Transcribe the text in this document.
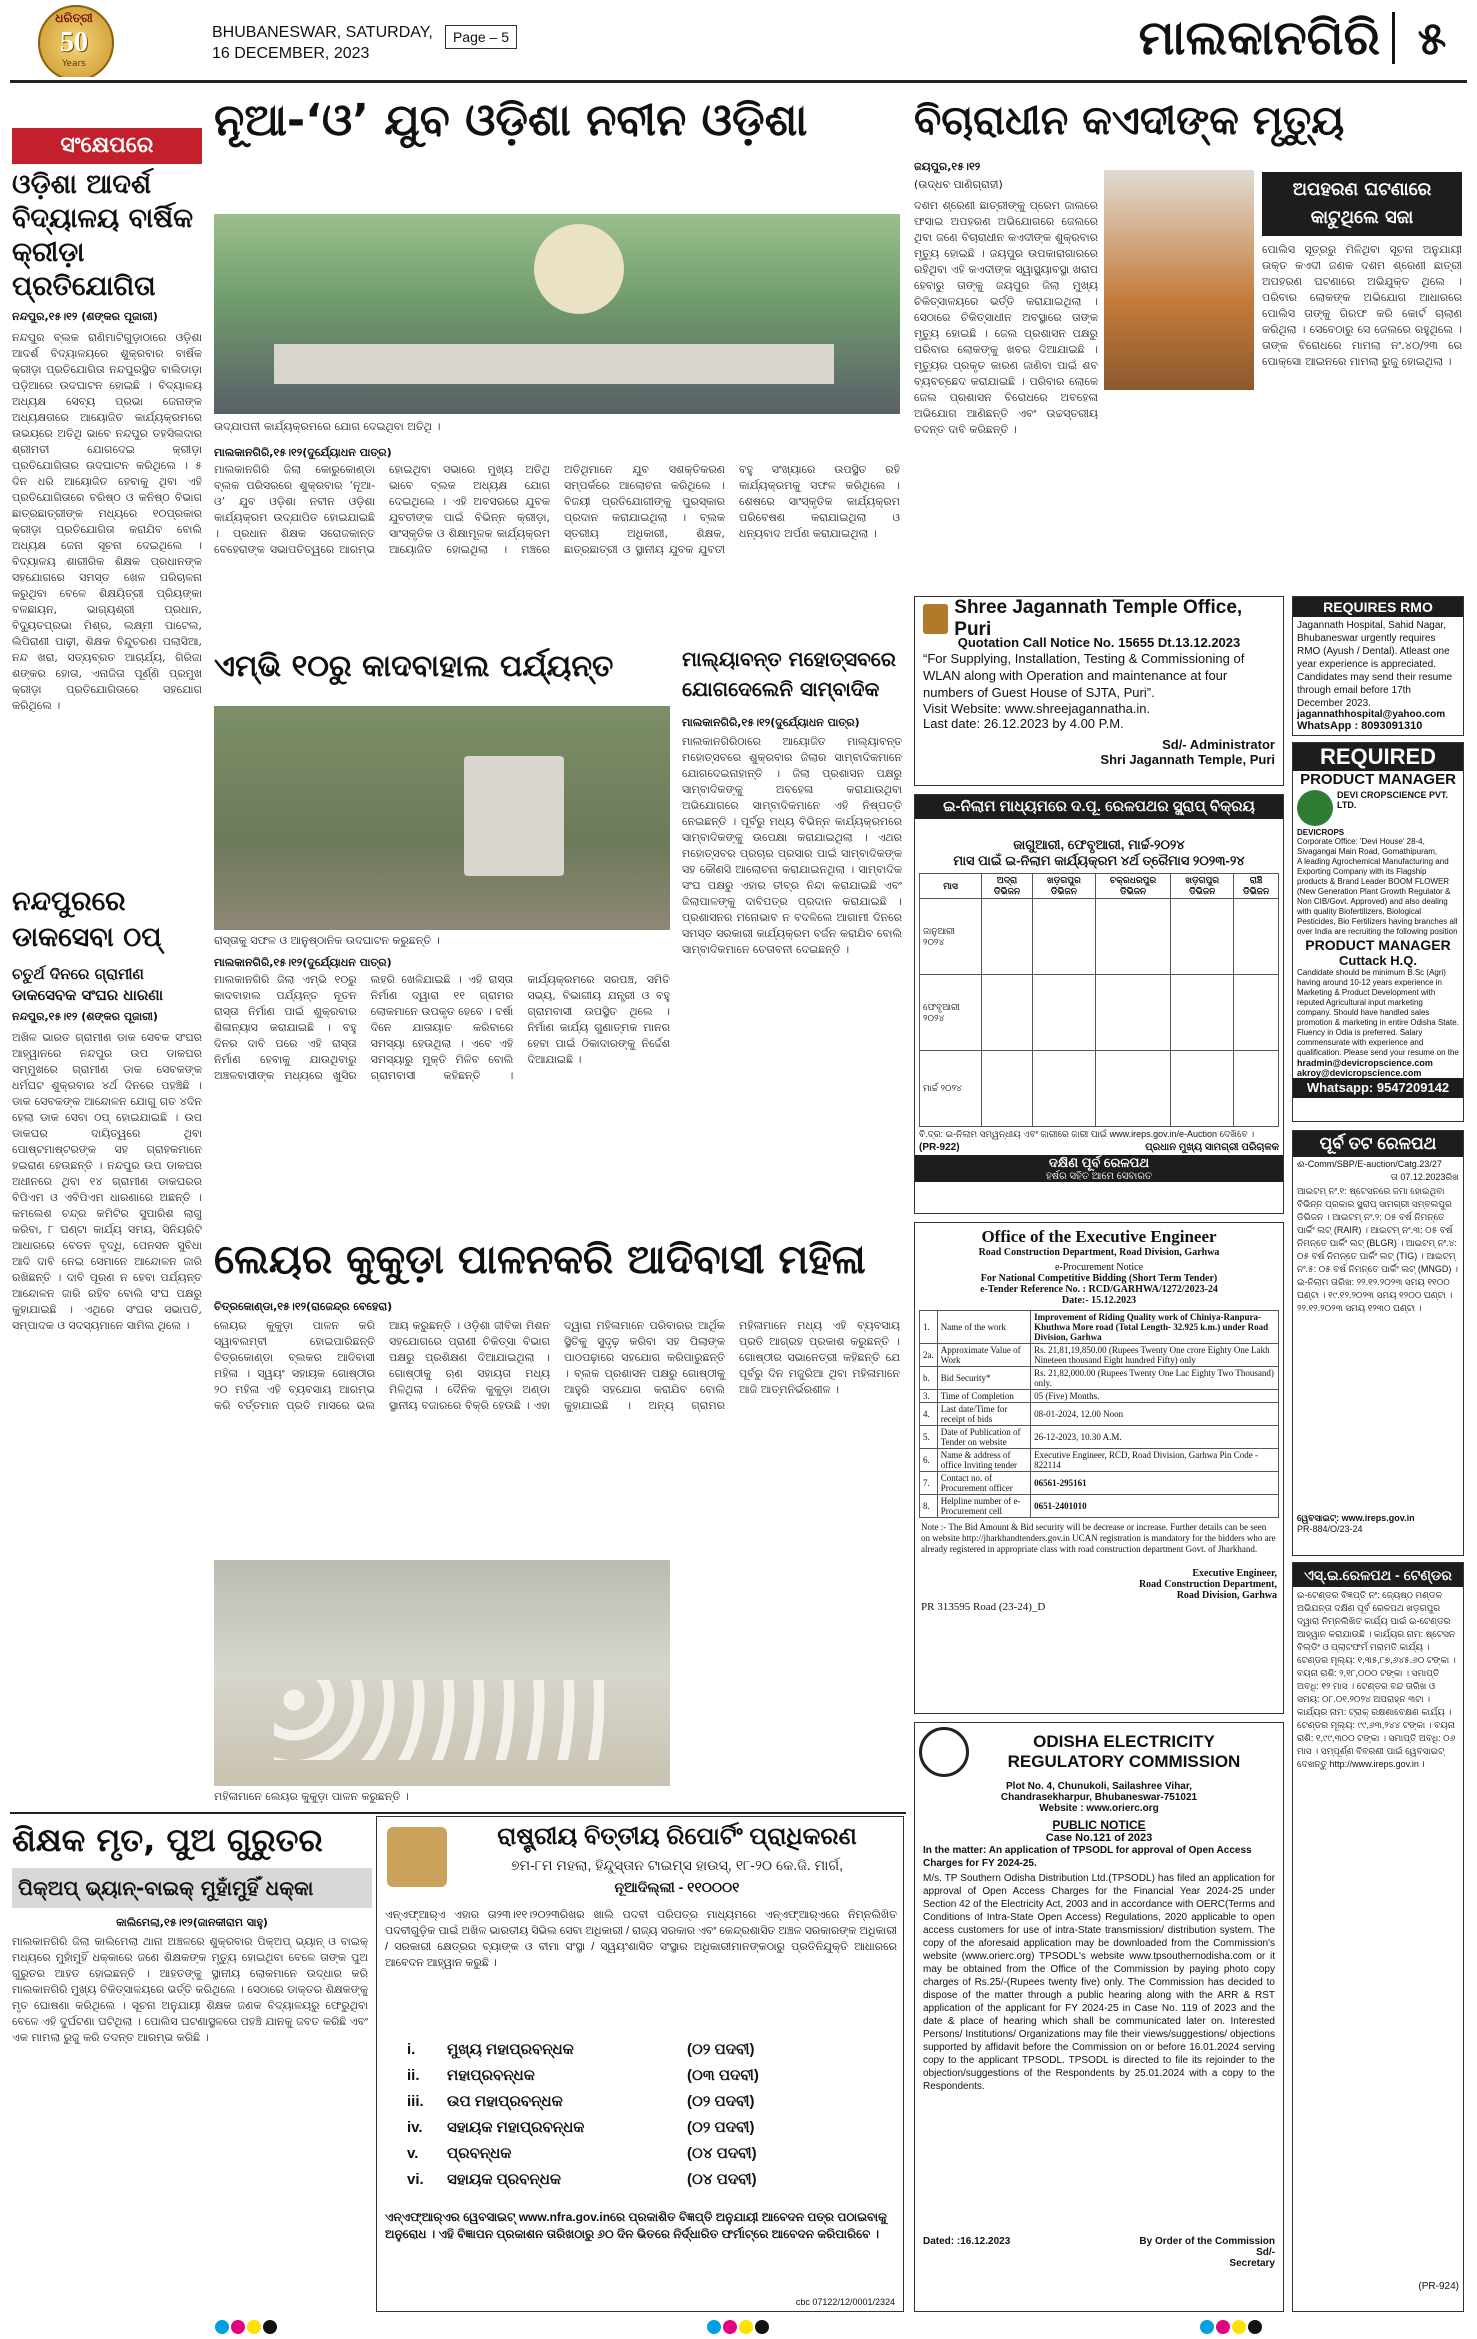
ଧରିତ୍ରୀ
50
Years
BHUBANESWAR, SATURDAY,
16 DECEMBER, 2023
Page – 5	ମାଲକାନଗିରି ୫
ସଂକ୍ଷେପରେ
ଓଡ଼ିଶା ଆଦର୍ଶ ବିଦ୍ୟାଳୟ ବାର୍ଷିକ କ୍ରୀଡ଼ା ପ୍ରତିଯୋଗିତା
ନନ୍ଦପୁର,୧୫।୧୨ (ଶଙ୍କର ପୂଜାରୀ)
ନନ୍ଦପୁର ବ୍ଲକ ରାଣିମାଟିଗୁଡ଼ାଠାରେ ଓଡ଼ିଶା ଆଦର୍ଶ ବିଦ୍ୟାଳୟରେ ଶୁକ୍ରବାର ବାର୍ଷିକ କ୍ରୀଡ଼ା ପ୍ରତିଯୋଗିତା ନନ୍ଦପୁରସ୍ଥିତ ବାଲିଡାଡ଼ା ପଡ଼ିଆରେ ଉଦଘାଟନ ହୋଇଛି । ବିଦ୍ୟାଳୟ ଅଧ୍ୟକ୍ଷ ସେବ୍ୟ ପ୍ରଭା ଜେନାଙ୍କ ଅଧ୍ୟକ୍ଷତାରେ ଆୟୋଜିତ କାର୍ଯ୍ୟକ୍ରମରେ ଉଭୟରେ ଅତିଥି ଭାବେ ନନ୍ଦପୁର ତହସିଲଦାର ଶ୍ରୀମତୀ ଯୋଗଦେଇ କ୍ରୀଡ଼ା ପ୍ରତିଯୋଗିତାର ଉଦଘାଟନ କରିଥିଲେ । ୫ ଦିନ ଧରି ଆୟୋଜିତ ହେବାକୁ ଥିବା ଏହି ପ୍ରତିଯୋଗିତାରେ ବରିଷ୍ଠ ଓ କନିଷ୍ଠ ବିଭାଗ ଛାତ୍ରଛାତ୍ରୀଙ୍କ ମଧ୍ୟରେ ୧୦ପ୍ରକାର କ୍ରୀଡ଼ା ପ୍ରତିଯୋଗିତା କରାଯିବ ବୋଲି ଅଧ୍ୟକ୍ଷ ଜେନା ସୂଚନା ଦେଇଥିଲେ । ବିଦ୍ୟାଳୟ ଶାରୀରିକ ଶିକ୍ଷକ ପ୍ରଧାନଙ୍କ ସହଯୋଗରେ ସମସ୍ତ ଖେଳ ପରିଚାଳନା କରୁଥିବା ବେଳେ ଶିକ୍ଷୟିତ୍ରୀ ପ୍ରିୟଙ୍କା ବଳଛାୟନ, ଭାଗ୍ୟଶ୍ରୀ ପ୍ରଧାନ, ବିଦ୍ୟୁତପ୍ରଭା ମିଶ୍ର, ଲକ୍ଷ୍ମୀ ପାଟେଲ, ଲିପିରାଣୀ ପାଢ଼ୀ, ଶିକ୍ଷକ ବିନ୍ଦୁଚରଣ ପଲାସିଆ, ନନ୍ଦ ଖରା, ସତ୍ୟବ୍ରତ ଆଚାର୍ଯ୍ୟ, ଗିରିଜା ଶଙ୍କର ହୋତା, ଏନାଜିତା ପୂର୍ଣ୍ଣି ପ୍ରମୁଖ କ୍ରୀଡ଼ା ପ୍ରତିଯୋଗିତାରେ ସହଯୋଗ କରିଥିଲେ ।
ନନ୍ଦପୁରରେ ଡାକସେବା ଠପ୍‌
ଚତୁର୍ଥ ଦିନରେ ଗ୍ରାମୀଣ ଡାକସେବକ ସଂଘର ଧାରଣା
ନନ୍ଦପୁର,୧୫।୧୨ (ଶଙ୍କର ପୂଜାରୀ)
ଅଖିଳ ଭାରତ ଗ୍ରାମୀଣ ଡାକ ସେବକ ସଂଘର ଆହ୍ୱାନରେ ନନ୍ଦପୁର ଉପ ଡାକଘର ସମ୍ମୁଖରେ ଗ୍ରାମୀଣ ଡାକ ସେବକଙ୍କ ଧର୍ମଘଟ ଶୁକ୍ରବାର ୪ର୍ଥ ଦିନରେ ପହଞ୍ଚିଛି । ଡାକ ସେବକଙ୍କ ଆନ୍ଦୋଳନ ଯୋଗୁ ଗତ ୪ଦିନ ହେଲା ଡାକ ସେବା ଠପ୍ ହୋଇଯାଇଛି । ଉପ ଡାକଘର ଦାୟିତ୍ୱରେ ଥିବା ପୋଷ୍ଟମାଷ୍ଟରଙ୍କ ସହ ଗ୍ରାହକମାନେ ହଇରାଣ ହେଉଛନ୍ତି । ନନ୍ଦପୁର ଉପ ଡାକଘର ଅଧୀନରେ ଥିବା ୧୪ ଗ୍ରାମୀଣ ଡାକଘରର ବିପିଏମ ଓ ଏବିପିଏମ ଧାରଣାରେ ଅଛନ୍ତି । କମଲେଶ ଚନ୍ଦ୍ର କମିଟିର ସୁପାରିଶ ଲାଗୁ କରିବା, ୮ ଘଣ୍ଟା କାର୍ଯ୍ୟ ସମୟ, ସିନିୟରିଟି ଆଧାରରେ ବେତନ ବୃଦ୍ଧି, ପେନସନ ସୁବିଧା ଆଦି ଦାବି ନେଇ ସେମାନେ ଆନ୍ଦୋଳନ ଜାରି ରଖିଛନ୍ତି । ଦାବି ପୂରଣ ନ ହେବା ପର୍ଯ୍ୟନ୍ତ ଆନ୍ଦୋଳନ ଜାରି ରହିବ ବୋଲି ସଂଘ ପକ୍ଷରୁ କୁହାଯାଇଛି । ଏଥିରେ ସଂଘର ସଭାପତି, ସମ୍ପାଦକ ଓ ସଦସ୍ୟମାନେ ସାମିଲ ଥିଲେ ।
ନୂଆ-‘ଓ’ ଯୁବ ଓଡ଼ିଶା ନବୀନ ଓଡ଼ିଶା
ଉଦ୍‌ଯାପନୀ କାର୍ଯ୍ୟକ୍ରମରେ ଯୋଗ ଦେଇଥିବା ଅତିଥି ।
ମାଲକାନଗିରି,୧୫।୧୨(ଦୁର୍ଯ୍ୟୋଧନ ପାତ୍ର)
ମାଲକାନଗିରି ଜିଲା କୋରୁକୋଣ୍ଡା ବ୍ଲକ ପରିସରରେ ଶୁକ୍ରବାର ‘ନୂଆ-ଓ’ ଯୁବ ଓଡ଼ିଶା ନବୀନ ଓଡ଼ିଶା କାର୍ଯ୍ୟକ୍ରମ ଉଦ୍‌ଯାପିତ ହୋଇଯାଇଛି । ପ୍ରଧାନ ଶିକ୍ଷକ ସରୋଜକାନ୍ତ ବେହେରାଙ୍କ ସଭାପତିତ୍ୱରେ ଆରମ୍ଭ ହୋଇଥିବା ସଭାରେ ମୁଖ୍ୟ ଅତିଥି ଭାବେ ବ୍ଲକ ଅଧ୍ୟକ୍ଷ ଯୋଗ ଦେଇଥିଲେ । ଏହି ଅବସରରେ ଯୁବକ ଯୁବତୀଙ୍କ ପାଇଁ ବିଭିନ୍ନ କ୍ରୀଡ଼ା, ସାଂସ୍କୃତିକ ଓ ଶିକ୍ଷାମୂଳକ କାର୍ଯ୍ୟକ୍ରମ ଆୟୋଜିତ ହୋଇଥିଲା । ମଞ୍ଚରେ ଅତିଥିମାନେ ଯୁବ ସଶକ୍ତିକରଣ ସମ୍ପର୍କରେ ଆଲୋଚନା କରିଥିଲେ । ବିଜୟୀ ପ୍ରତିଯୋଗୀଙ୍କୁ ପୁରସ୍କାର ପ୍ରଦାନ କରାଯାଇଥିଲା । ବ୍ଲକ ସ୍ତରୀୟ ଅଧିକାରୀ, ଶିକ୍ଷକ, ଛାତ୍ରଛାତ୍ରୀ ଓ ସ୍ଥାନୀୟ ଯୁବକ ଯୁବତୀ ବହୁ ସଂଖ୍ୟାରେ ଉପସ୍ଥିତ ରହି କାର୍ଯ୍ୟକ୍ରମକୁ ସଫଳ କରିଥିଲେ । ଶେଷରେ ସାଂସ୍କୃତିକ କାର୍ଯ୍ୟକ୍ରମ ପରିବେଷଣ କରାଯାଇଥିଲା ଓ ଧନ୍ୟବାଦ ଅର୍ପଣ କରାଯାଇଥିଲା ।
ଏମ୍‌ଭି ୧୦ରୁ କାଦବାହାଲ ପର୍ଯ୍ୟନ୍ତ
ରାସ୍ତାକୁ ସଫଳ ଓ ଆନୁଷ୍ଠାନିକ ଉଦଘାଟନ କରୁଛନ୍ତି ।
ମାଲକାନଗିରି,୧୫।୧୨(ଦୁର୍ଯ୍ୟୋଧନ ପାତ୍ର)
ମାଲକାନଗିରି ଜିଲା ଏମ୍‌ଭି ୧୦ରୁ କାଦବାହାଲ ପର୍ଯ୍ୟନ୍ତ ନୂତନ ରାସ୍ତା ନିର୍ମାଣ ପାଇଁ ଶୁକ୍ରବାର ଶିଳାନ୍ୟାସ କରାଯାଇଛି । ବହୁ ଦିନର ଦାବି ପରେ ଏହି ରାସ୍ତା ନିର୍ମାଣ ହେବାକୁ ଯାଉଥିବାରୁ ଅଞ୍ଚଳବାସୀଙ୍କ ମଧ୍ୟରେ ଖୁସିର ଲହରି ଖେଳିଯାଇଛି । ଏହି ରାସ୍ତା ନିର୍ମାଣ ଦ୍ୱାରା ୧୧ ଗ୍ରାମର ଲୋକମାନେ ଉପକୃତ ହେବେ । ବର୍ଷା ଦିନେ ଯାତାୟାତ କରିବାରେ ସମସ୍ୟା ହେଉଥିଲା । ଏବେ ଏହି ସମସ୍ୟାରୁ ମୁକ୍ତି ମିଳିବ ବୋଲି ଗ୍ରାମବାସୀ କହିଛନ୍ତି । କାର୍ଯ୍ୟକ୍ରମରେ ସରପଞ୍ଚ, ସମିତି ସଭ୍ୟ, ବିଭାଗୀୟ ଯନ୍ତ୍ରୀ ଓ ବହୁ ଗ୍ରାମବାସୀ ଉପସ୍ଥିତ ଥିଲେ । ନିର୍ମାଣ କାର୍ଯ୍ୟ ଗୁଣାତ୍ମକ ମାନର ହେବା ପାଇଁ ଠିକାଦାରଙ୍କୁ ନିର୍ଦ୍ଦେଶ ଦିଆଯାଇଛି ।
ମାଲ୍ୟାବନ୍ତ ମହୋତ୍ସବରେ ଯୋଗଦେଲେନି ସାମ୍ବାଦିକ
ମାଲକାନଗିରି,୧୫।୧୨(ଦୁର୍ଯ୍ୟୋଧନ ପାତ୍ର)
ମାଲକାନଗିରିଠାରେ ଆୟୋଜିତ ମାଲ୍ୟାବନ୍ତ ମହୋତ୍ସବରେ ଶୁକ୍ରବାର ଜିଲାର ସାମ୍ବାଦିକମାନେ ଯୋଗଦେଇନାହାନ୍ତି । ଜିଲା ପ୍ରଶାସନ ପକ୍ଷରୁ ସାମ୍ବାଦିକଙ୍କୁ ଅବହେଳା କରାଯାଉଥିବା ଅଭିଯୋଗରେ ସାମ୍ବାଦିକମାନେ ଏହି ନିଷ୍ପତ୍ତି ନେଇଛନ୍ତି । ପୂର୍ବରୁ ମଧ୍ୟ ବିଭିନ୍ନ କାର୍ଯ୍ୟକ୍ରମରେ ସାମ୍ବାଦିକଙ୍କୁ ଉପେକ୍ଷା କରାଯାଇଥିଲା । ଏଥର ମହୋତ୍ସବର ପ୍ରଚାର ପ୍ରସାର ପାଇଁ ସାମ୍ବାଦିକଙ୍କ ସହ କୌଣସି ଆଲୋଚନା କରାଯାଇନଥିଲା । ସାମ୍ବାଦିକ ସଂଘ ପକ୍ଷରୁ ଏହାର ତୀବ୍ର ନିନ୍ଦା କରାଯାଇଛି ଏବଂ ଜିଲାପାଳଙ୍କୁ ଦାବିପତ୍ର ପ୍ରଦାନ କରାଯାଇଛି । ପ୍ରଶାସନର ମନୋଭାବ ନ ବଦଳିଲେ ଆଗାମୀ ଦିନରେ ସମସ୍ତ ସରକାରୀ କାର୍ଯ୍ୟକ୍ରମ ବର୍ଜନ କରାଯିବ ବୋଲି ସାମ୍ବାଦିକମାନେ ଚେତାବନୀ ଦେଇଛନ୍ତି ।
ଲେୟର କୁକୁଡ଼ା ପାଳନକରି ଆଦିବାସୀ ମହିଳା
ଚିତ୍ରକୋଣ୍ଡା,୧୫।୧୨(ରାଜେନ୍ଦ୍ର ବେହେରା)
ଲେୟର କୁକୁଡ଼ା ପାଳନ କରି ସ୍ୱାବଲମ୍ବୀ ହୋଇପାରିଛନ୍ତି ଚିତ୍ରକୋଣ୍ଡା ବ୍ଲକର ଆଦିବାସୀ ମହିଳା । ସ୍ୱୟଂ ସହାୟକ ଗୋଷ୍ଠୀର ୨୦ ମହିଳା ଏହି ବ୍ୟବସାୟ ଆରମ୍ଭ କରି ବର୍ତ୍ତମାନ ପ୍ରତି ମାସରେ ଭଲ ଆୟ କରୁଛନ୍ତି । ଓଡ଼ିଶା ଜୀବିକା ମିଶନ ସହଯୋଗରେ ପ୍ରାଣୀ ଚିକିତ୍ସା ବିଭାଗ ପକ୍ଷରୁ ପ୍ରଶିକ୍ଷଣ ଦିଆଯାଇଥିଲା । ଗୋଷ୍ଠୀକୁ ଋଣ ସହାୟତା ମଧ୍ୟ ମିଳିଥିଲା । ଦୈନିକ କୁକୁଡ଼ା ଅଣ୍ଡା ସ୍ଥାନୀୟ ବଜାରରେ ବିକ୍ରି ହେଉଛି । ଏହା ଦ୍ୱାରା ମହିଳାମାନେ ପରିବାରର ଆର୍ଥିକ ସ୍ଥିତିକୁ ସୁଦୃଢ଼ କରିବା ସହ ପିଲାଙ୍କ ପାଠପଢ଼ାରେ ସହଯୋଗ କରିପାରୁଛନ୍ତି । ବ୍ଲକ ପ୍ରଶାସନ ପକ୍ଷରୁ ଗୋଷ୍ଠୀକୁ ଆହୁରି ସହଯୋଗ କରାଯିବ ବୋଲି କୁହାଯାଇଛି । ଅନ୍ୟ ଗ୍ରାମର ମହିଳାମାନେ ମଧ୍ୟ ଏହି ବ୍ୟବସାୟ ପ୍ରତି ଆଗ୍ରହ ପ୍ରକାଶ କରୁଛନ୍ତି । ଗୋଷ୍ଠୀର ସଭାନେତ୍ରୀ କହିଛନ୍ତି ଯେ ପୂର୍ବରୁ ଦିନ ମଜୁରିଆ ଥିବା ମହିଳାମାନେ ଆଜି ଆତ୍ମନିର୍ଭରଶୀଳ ।
ମହିଳାମାନେ ଲେୟର କୁକୁଡ଼ା ପାଳନ କରୁଛନ୍ତି ।
ଶିକ୍ଷକ ମୃତ, ପୁଅ ଗୁରୁତର
ପିକ୍‌ଅପ୍ ଭ୍ୟାନ୍-ବାଇକ୍ ମୁହାଁମୁହିଁ ଧକ୍କା
କାଲିମେଲା,୧୫।୧୨(ଜାନକୀରାମ ସାହୁ)
ମାଲକାନଗିରି ଜିଲା କାଲିମେଲା ଥାନା ଅଞ୍ଚଳରେ ଶୁକ୍ରବାର ପିକ୍‌ଅପ୍ ଭ୍ୟାନ୍ ଓ ବାଇକ୍ ମଧ୍ୟରେ ମୁହାଁମୁହିଁ ଧକ୍କାରେ ଜଣେ ଶିକ୍ଷକଙ୍କ ମୃତ୍ୟୁ ହୋଇଥିବା ବେଳେ ତାଙ୍କ ପୁଅ ଗୁରୁତର ଆହତ ହୋଇଛନ୍ତି । ଆହତଙ୍କୁ ସ୍ଥାନୀୟ ଲୋକମାନେ ଉଦ୍ଧାର କରି ମାଲକାନଗିରି ମୁଖ୍ୟ ଚିକିତ୍ସାଳୟରେ ଭର୍ତ୍ତି କରିଥିଲେ । ସେଠାରେ ଡାକ୍ତର ଶିକ୍ଷକଙ୍କୁ ମୃତ ଘୋଷଣା କରିଥିଲେ । ସୂଚନା ଅନୁଯାୟୀ ଶିକ୍ଷକ ଜଣକ ବିଦ୍ୟାଳୟରୁ ଫେରୁଥିବା ବେଳେ ଏହି ଦୁର୍ଘଟଣା ଘଟିଥିଲା । ପୋଲିସ ଘଟଣାସ୍ଥଳରେ ପହଞ୍ଚି ଯାନକୁ ଜବତ କରିଛି ଏବଂ ଏକ ମାମଲା ରୁଜୁ କରି ତଦନ୍ତ ଆରମ୍ଭ କରିଛି ।
ରାଷ୍ଟ୍ରୀୟ ବିତ୍ତୀୟ ରିପୋର୍ଟିଂ ପ୍ରାଧିକରଣ
୭ମ-୮ମ ମହଲା, ହିନ୍ଦୁସ୍ତାନ ଟାଇମ୍ସ ହାଉସ୍, ୧୮-୨୦ କେ.ଜି. ମାର୍ଗ,
ନୂଆଦିଲ୍ଲୀ - ୧୧୦୦୦୧
ଏନ୍‌ଏଫ୍‌ଆର୍‌ଏ ଏହାର ତା୨୩।୧୧।୨୦୨୩ରିଖର ଖାଲି ପଦବୀ ପରିପତ୍ର ମାଧ୍ୟମରେ ଏନ୍‌ଏଫ୍‌ଆର୍‌ଏରେ ନିମ୍ନଲିଖିତ ପଦବୀଗୁଡ଼ିକ ପାଇଁ ଅଖିଳ ଭାରତୀୟ ସିଭିଲ ସେବା ଅଧିକାରୀ / ରାଜ୍ୟ ସରକାର ଏବଂ କେନ୍ଦ୍ରଶାସିତ ଅଞ୍ଚଳ ସରକାରଙ୍କ ଅଧିକାରୀ / ସରକାରୀ କ୍ଷେତ୍ରର ବ୍ୟାଙ୍କ ଓ ବୀମା ସଂସ୍ଥା / ସ୍ୱୟଂଶାସିତ ସଂସ୍ଥାର ଅଧିକାରୀମାନଙ୍କଠାରୁ ପ୍ରତିନିଯୁକ୍ତି ଆଧାରରେ ଆବେଦନ ଆହ୍ୱାନ କରୁଛି ।
i.	ମୁଖ୍ୟ ମହାପ୍ରବନ୍ଧକ	(୦୨ ପଦବୀ)
ii.	ମହାପ୍ରବନ୍ଧକ	(୦୩ ପଦବୀ)
iii.	ଉପ ମହାପ୍ରବନ୍ଧକ	(୦୨ ପଦବୀ)
iv.	ସହାୟକ ମହାପ୍ରବନ୍ଧକ	(୦୨ ପଦବୀ)
v.	ପ୍ରବନ୍ଧକ	(୦୪ ପଦବୀ)
vi.	ସହାୟକ ପ୍ରବନ୍ଧକ	(୦୪ ପଦବୀ)
ଏନ୍‌ଏଫ୍‌ଆର୍‌ଏର ୱେବସାଇଟ୍ www.nfra.gov.inରେ ପ୍ରକାଶିତ ବିଜ୍ଞପ୍ତି ଅନୁଯାୟୀ ଆବେଦନ ପତ୍ର ପଠାଇବାକୁ ଅନୁରୋଧ । ଏହି ବିଜ୍ଞାପନ ପ୍ରକାଶନ ତାରିଖଠାରୁ ୬୦ ଦିନ ଭିତରେ ନିର୍ଦ୍ଧାରିତ ଫର୍ମାଟ୍‌ରେ ଆବେଦନ କରିପାରିବେ ।
cbc 07122/12/0001/2324
ବିଚାରାଧୀନ କଏଦୀଙ୍କ ମୃତ୍ୟୁ
ଜୟପୁର,୧୫।୧୨
(ଉଦ୍ଧବ ପାଣିଗ୍ରାହୀ)
ଦଶମ ଶ୍ରେଣୀ ଛାତ୍ରୀଙ୍କୁ ପ୍ରେମ ଜାଲରେ ଫସାଇ ଅପହରଣ ଅଭିଯୋଗରେ ଜେଲରେ ଥିବା ଜଣେ ବିଚାରାଧୀନ କଏଦୀଙ୍କ ଶୁକ୍ରବାର ମୃତ୍ୟୁ ହୋଇଛି । ଜୟପୁର ଉପକାରାଗାରରେ ରହିଥିବା ଏହି କଏଦୀଙ୍କ ସ୍ୱାସ୍ଥ୍ୟାବସ୍ଥା ଖରାପ ହେବାରୁ ତାଙ୍କୁ ଜୟପୁର ଜିଲା ମୁଖ୍ୟ ଚିକିତ୍ସାଳୟରେ ଭର୍ତ୍ତି କରାଯାଇଥିଲା । ସେଠାରେ ଚିକିତ୍ସାଧୀନ ଅବସ୍ଥାରେ ତାଙ୍କ ମୃତ୍ୟୁ ହୋଇଛି । ଜେଲ ପ୍ରଶାସନ ପକ୍ଷରୁ ପରିବାର ଲୋକଙ୍କୁ ଖବର ଦିଆଯାଇଛି । ମୃତ୍ୟୁର ପ୍ରକୃତ କାରଣ ଜାଣିବା ପାଇଁ ଶବ ବ୍ୟବଚ୍ଛେଦ କରାଯାଇଛି । ପରିବାର ଲୋକେ ଜେଲ ପ୍ରଶାସନ ବିରୋଧରେ ଅବହେଳା ଅଭିଯୋଗ ଆଣିଛନ୍ତି ଏବଂ ଉଚ୍ଚସ୍ତରୀୟ ତଦନ୍ତ ଦାବି କରିଛନ୍ତି ।
ଅପହରଣ ଘଟଣାରେ କାଟୁଥିଲେ ସଜା
ପୋଲିସ ସୂତ୍ରରୁ ମିଳିଥିବା ସୂଚନା ଅନୁଯାୟୀ ଉକ୍ତ କଏଦୀ ଜଣକ ଦଶମ ଶ୍ରେଣୀ ଛାତ୍ରୀ ଅପହରଣ ଘଟଣାରେ ଅଭିଯୁକ୍ତ ଥିଲେ । ପରିବାର ଲୋକଙ୍କ ଅଭିଯୋଗ ଆଧାରରେ ପୋଲିସ ତାଙ୍କୁ ଗିରଫ କରି କୋର୍ଟ ଚାଲାଣ କରିଥିଲା । ସେବେଠାରୁ ସେ ଜେଲରେ ରହୁଥିଲେ । ତାଙ୍କ ବିରୋଧରେ ମାମଲା ନଂ.୪୦/୨୩ ରେ ପୋକ୍ସୋ ଆଇନରେ ମାମଲା ରୁଜୁ ହୋଇଥିଲା ।
Shree Jagannath Temple Office, Puri
Quotation Call Notice No. 15655 Dt.13.12.2023
“For Supplying, Installation, Testing & Commissioning of WLAN along with Operation and maintenance at four numbers of Guest House of SJTA, Puri”.
Visit Website: www.shreejagannatha.in.
Last date: 26.12.2023 by 4.00 P.M.
Sd/- Administrator
Shri Jagannath Temple, Puri
REQUIRES RMO
Jagannath Hospital, Sahid Nagar, Bhubaneswar urgently requires RMO (Ayush / Dental). Atleast one year experience is appreciated. Candidates may send their resume through email before 17th December 2023.
jagannathhospital@yahoo.com
WhatsApp : 8093091310
REQUIRED
PRODUCT MANAGER
DEVI CROPSCIENCE PVT. LTD.
DEVICROPS
Corporate Office: 'Devi House' 28-4, Sivagangai Main Road, Gomathipuram,
A leading Agrochemical Manufacturing and Exporting Company with its Flagship products & Brand Leader BOOM FLOWER (New Generation Plant Growth Regulator & Non CIB/Govt. Approved) and also dealing with quality Biofertilizers, Biological Pesticides, Bio Fertilizers having branches all over India are recruiting the following position
PRODUCT MANAGER
Cuttack H.Q.
Candidate should be minimum B.Sc (Agri) having around 10-12 years experience in Marketing & Product Development with reputed Agricultural input marketing company. Should have handled sales promotion & marketing in entire Odisha State. Fluency in Odia is preferred. Salary commensurate with experience and qualification. Please send your resume on the
hradmin@devicropscience.com
akroy@devicropscience.com
Whatsapp: 9547209142
ଇ-ନିଲାମ ମାଧ୍ୟମରେ ଦ.ପୂ. ରେଳପଥର ସ୍କ୍ରାପ୍ ବିକ୍ରୟ
ଜାଗୁଆରୀ, ଫେବୃଆରୀ, ମାର୍ଚ୍ଚ-୨୦୨୪
ମାସ ପାଇଁ ଇ-ନିଲାମ କାର୍ଯ୍ୟକ୍ରମ ୪ର୍ଥ ତ୍ରୈମାସ ୨୦୨୩-୨୪
ମାସ	ଅଦ୍ରା ଡିଭିଜନ	ଖଡ଼ଗପୁର ଡିଭିଜନ	ଚକ୍ରଧରପୁର ଡିଭିଜନ	ଖଡ଼ଗପୁର ଡିଭିଜନ	ରାଞ୍ଚି ଡିଭିଜନ
ଜାନୁଆରୀ ୨୦୨୪					
ଫେବୃଆରୀ ୨୦୨୪					
ମାର୍ଚ୍ଚ ୨୦୨୪					
ବି.ଦ୍ର: ଇ-ନିଲାମ ସମ୍ୱନ୍ଧୀୟ ଏବଂ ଜାରୀରେ ଜାରୀ ପାଇଁ www.ireps.gov.in/e-Auction ଦେଖିବେ ।
(PR-922)	ପ୍ରଧାନ ମୁଖ୍ୟ ସାମଗ୍ରୀ ପରିଚାଳକ
ଦକ୍ଷିଣ ପୂର୍ବ ରେଳପଥ
ହର୍ଷର ସହିତ ଆମେ ସେବାରତ
Office of the Executive Engineer
Road Construction Department, Road Division, Garhwa
e-Procurement Notice
For National Competitive Bidding (Short Term Tender)
e-Tender Reference No. : RCD/GARHWA/1272/2023-24
Date:- 15.12.2023
1.	Name of the work	Improvement of Riding Quality work of Chiniya-Ranpura-Khuthwa More road (Total Length- 32.925 k.m.) under Road Division, Garhwa
2a.	Approximate Value of Work	Rs. 21,81,19,850.00 (Rupees Twenty One crore Eighty One Lakh Nineteen thousand Eight hundred Fifty) only
b.	Bid Security*	Rs. 21,82,000.00 (Rupees Twenty One Lac Eighty Two Thousand) only.
3.	Time of Completion	05 (Five) Months.
4.	Last date/Time for receipt of bids	08-01-2024, 12.00 Noon
5.	Date of Publication of Tender on website	26-12-2023, 10.30 A.M.
6.	Name & address of office Inviting tender	Executive Engineer, RCD, Road Division, Garhwa Pin Code - 822114
7.	Contact no. of Procurement officer	06561-295161
8.	Helpline number of e-Procurement cell	0651-2401010
Note :- The Bid Amount & Bid security will be decrease or increase. Further details can be seen on website http://jharkhandtenders.gov.in UCAN registration is mandatory for the bidders who are already registered in appropriate class with road construction department Govt. of Jharkhand.
Executive Engineer,
Road Construction Department,
Road Division, Garhwa
PR 313595 Road (23-24)_D
ODISHA ELECTRICITY
REGULATORY COMMISSION
Plot No. 4, Chunukoli, Sailashree Vihar,
Chandrasekharpur, Bhubaneswar-751021
Website : www.orierc.org
PUBLIC NOTICE
Case No.121 of 2023
In the matter: An application of TPSODL for approval of Open Access Charges for FY 2024-25.
M/s. TP Southern Odisha Distribution Ltd.(TPSODL) has filed an application for approval of Open Access Charges for the Financial Year 2024-25 under Section 42 of the Electricity Act, 2003 and in accordance with OERC(Terms and Conditions of Intra-State Open Access) Regulations, 2020 applicable to open access customers for use of intra-State transmission/ distribution system. The copy of the aforesaid application may be downloaded from the Commission's website (www.orierc.org) TPSODL's website www.tpsouthernodisha.com or it may be obtained from the Office of the Commission by paying photo copy charges of Rs.25/-(Rupees twenty five) only. The Commission has decided to dispose of the matter through a public hearing along with the ARR & RST application of the applicant for FY 2024-25 in Case No. 119 of 2023 and the date & place of hearing which shall be communicated later on. Interested Persons/ Institutions/ Organizations may file their views/suggestions/ objections supported by affidavit before the Commission on or before 16.01.2024 serving copy to the applicant TPSODL. TPSODL is directed to file its rejoinder to the objection/suggestions of the Respondents by 25.01.2024 with a copy to the Respondents.
Dated: :16.12.2023	By Order of the Commission
Sd/-
Secretary
ପୂର୍ବ ତଟ ରେଳପଥ
ଈ-Comm/SBP/E-auction/Catg.23/27
ତା 07.12.2023ରିଖ
ଆଇଟମ୍ ନଂ.୧: ଷ୍ଟେସନରେ ଜମା ହୋଇଥିବା ବିଭିନ୍ନ ପ୍ରକାର ସ୍କ୍ରାପ୍ ସାମଗ୍ରୀ ସମ୍ବଲପୁର ଡିଭିଜନ । ଆଇଟମ୍ ନଂ.୨: ୦୫ ବର୍ଷ ନିମନ୍ତେ ପାର୍କିଂ ଲଟ୍ (RAIR) । ଆଇଟମ୍ ନଂ.୩: ୦୫ ବର୍ଷ ନିମନ୍ତେ ପାର୍କିଂ ଲଟ୍ (BLGR) । ଆଇଟମ୍ ନଂ.୪: ୦୫ ବର୍ଷ ନିମନ୍ତେ ପାର୍କିଂ ଲଟ୍ (TIG) । ଆଇଟମ୍ ନଂ.୫: ୦୫ ବର୍ଷ ନିମନ୍ତେ ପାର୍କିଂ ଲଟ୍ (MNGD) । ଇ-ନିଲାମ ତାରିଖ: ୨୨.୧୨.୨୦୨୩ ସମୟ ୧୧୦୦ ଘଣ୍ଟା । ୧୯.୧୨.୨୦୨୩ ସମୟ ୧୨୦୦ ଘଣ୍ଟା । ୨୨.୧୨.୨୦୨୩ ସମୟ ୧୨୩୦ ଘଣ୍ଟା ।
ୱେବସାଇଟ୍: www.ireps.gov.in
PR-884/O/23-24
ଏସ୍.ଇ.ରେଳପଥ - ଟେଣ୍ଡର
ଇ-ଟେଣ୍ଡର ବିଜ୍ଞପ୍ତି ନଂ: ଜ୍ୟେଷ୍ଠ ମଣ୍ଡଳ ଅଭିଯନ୍ତା ଦକ୍ଷିଣ ପୂର୍ବ ରେଳପଥ ଖଡ଼ଗପୁର ଦ୍ୱାରା ନିମ୍ନଲିଖିତ କାର୍ଯ୍ୟ ପାଇଁ ଇ-ଟେଣ୍ଡର ଆହ୍ୱାନ କରାଯାଉଛି । କାର୍ଯ୍ୟର ନାମ: ଷ୍ଟେସନ ବିଲ୍ଡିଂ ଓ ପ୍ଲାଟଫର୍ମ ମରାମତି କାର୍ଯ୍ୟ । ଟେଣ୍ଡର ମୂଲ୍ୟ: ୧,୩୫,୮୭,୬୪୫.୬୦ ଟଙ୍କା । ବୟନା ରାଶି: ୨,୧୮,୦୦୦ ଟଙ୍କା । ସମାପ୍ତି ଅବଧି: ୧୨ ମାସ । ଟେଣ୍ଡର ବନ୍ଦ ତାରିଖ ଓ ସମୟ: ୦୮.୦୧.୨୦୨୪ ଅପରାହ୍ନ ୩ଟା । କାର୍ଯ୍ୟର ନାମ: ଟ୍ରାକ୍ ରକ୍ଷଣାବେକ୍ଷଣ କାର୍ଯ୍ୟ । ଟେଣ୍ଡର ମୂଲ୍ୟ: ୯୯,୬୩,୨୪୪ ଟଙ୍କା । ବୟନା ରାଶି: ୧,୯୯,୩୦୦ ଟଙ୍କା । ସମାପ୍ତି ଅବଧି: ୦୬ ମାସ । ସମ୍ପୂର୍ଣ୍ଣ ବିବରଣୀ ପାଇଁ ୱେବସାଇଟ୍ ଦେଖନ୍ତୁ http://www.ireps.gov.in ।
(PR-924)
